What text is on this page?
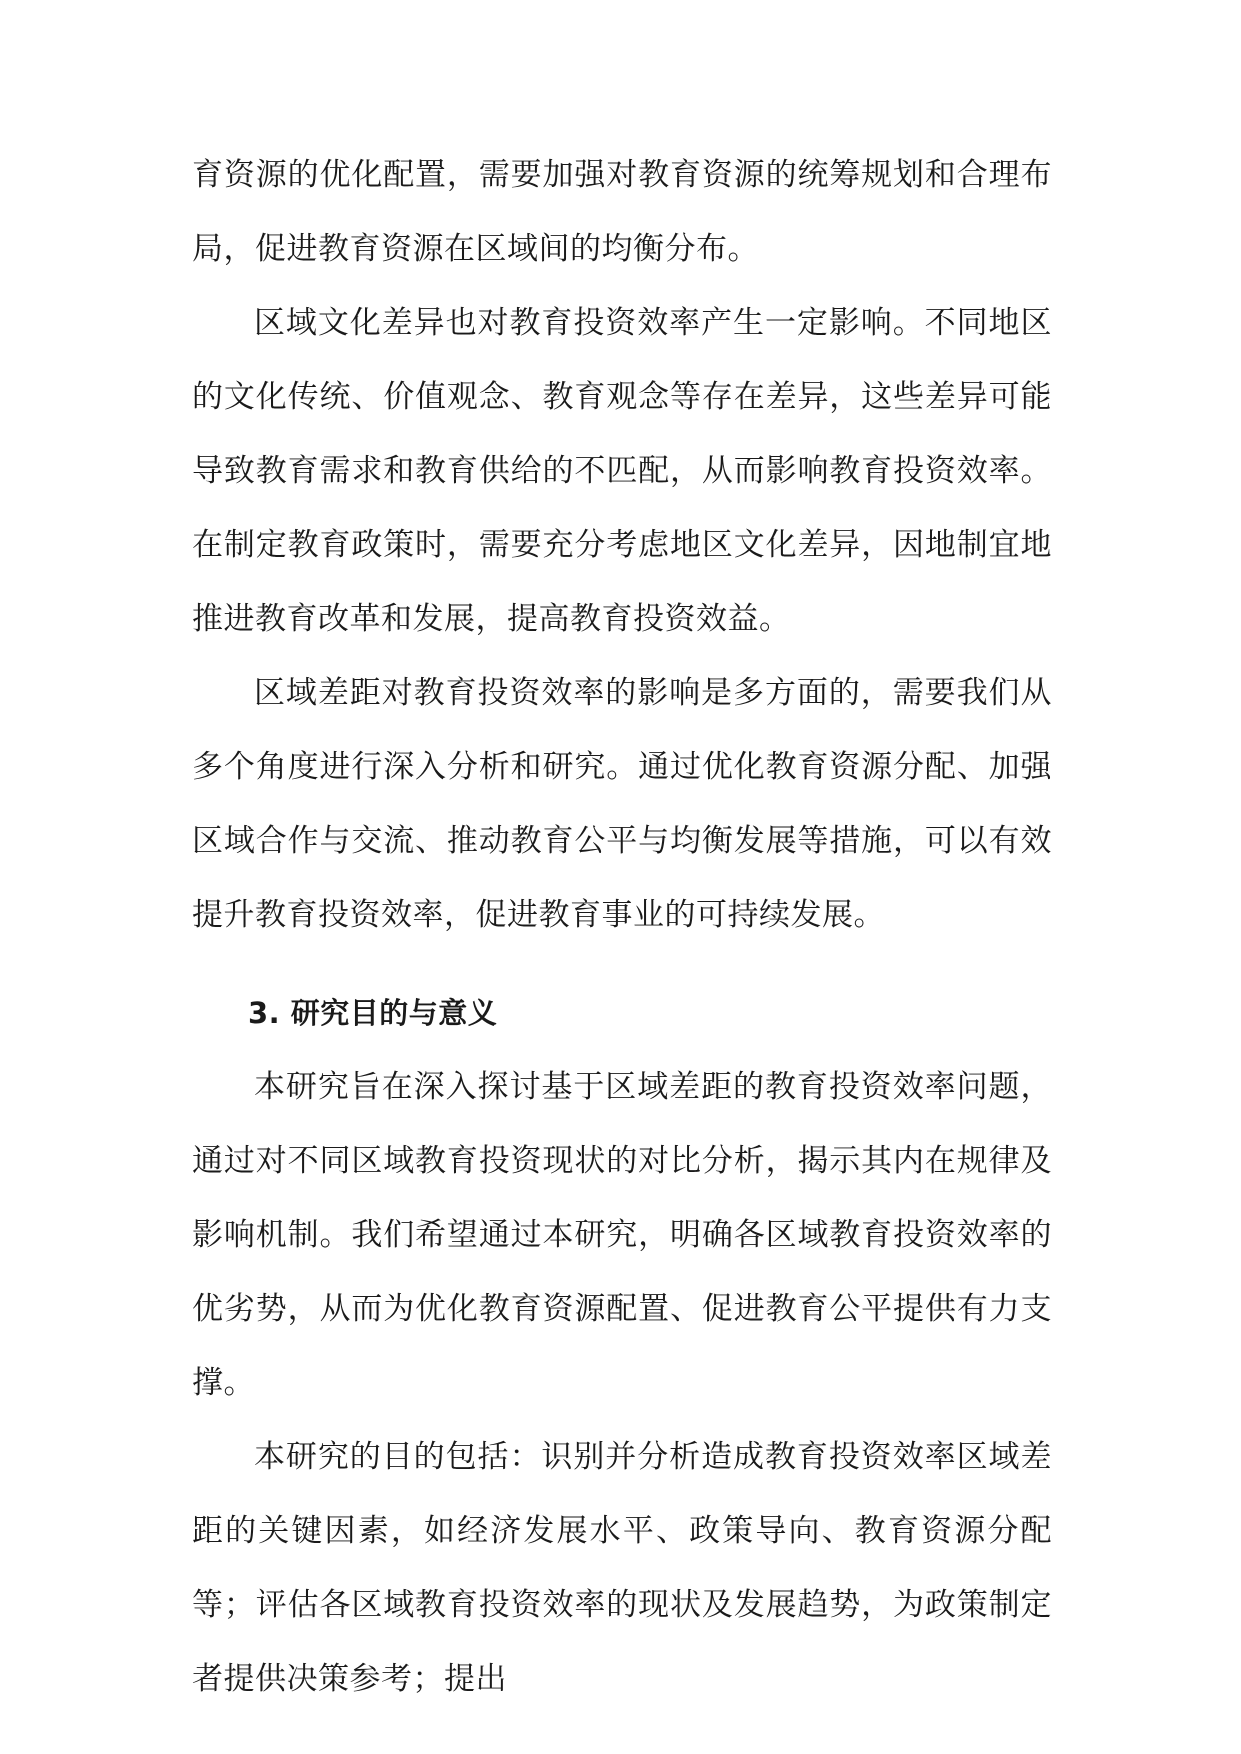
育资源的优化配置，需要加强对教育资源的统筹规划和合理布局，促进教育资源在区域间的均衡分布。

区域文化差异也对教育投资效率产生一定影响。不同地区的文化传统、价值观念、教育观念等存在差异，这些差异可能导致教育需求和教育供给的不匹配，从而影响教育投资效率。在制定教育政策时，需要充分考虑地区文化差异，因地制宜地推进教育改革和发展，提高教育投资效益。

区域差距对教育投资效率的影响是多方面的，需要我们从多个角度进行深入分析和研究。通过优化教育资源分配、加强区域合作与交流、推动教育公平与均衡发展等措施，可以有效提升教育投资效率，促进教育事业的可持续发展。

3. 研究目的与意义

本研究旨在深入探讨基于区域差距的教育投资效率问题，通过对不同区域教育投资现状的对比分析，揭示其内在规律及影响机制。我们希望通过本研究，明确各区域教育投资效率的优劣势，从而为优化教育资源配置、促进教育公平提供有力支撑。

本研究的目的包括：识别并分析造成教育投资效率区域差距的关键因素，如经济发展水平、政策导向、教育资源分配等；评估各区域教育投资效率的现状及发展趋势，为政策制定者提供决策参考；提出
